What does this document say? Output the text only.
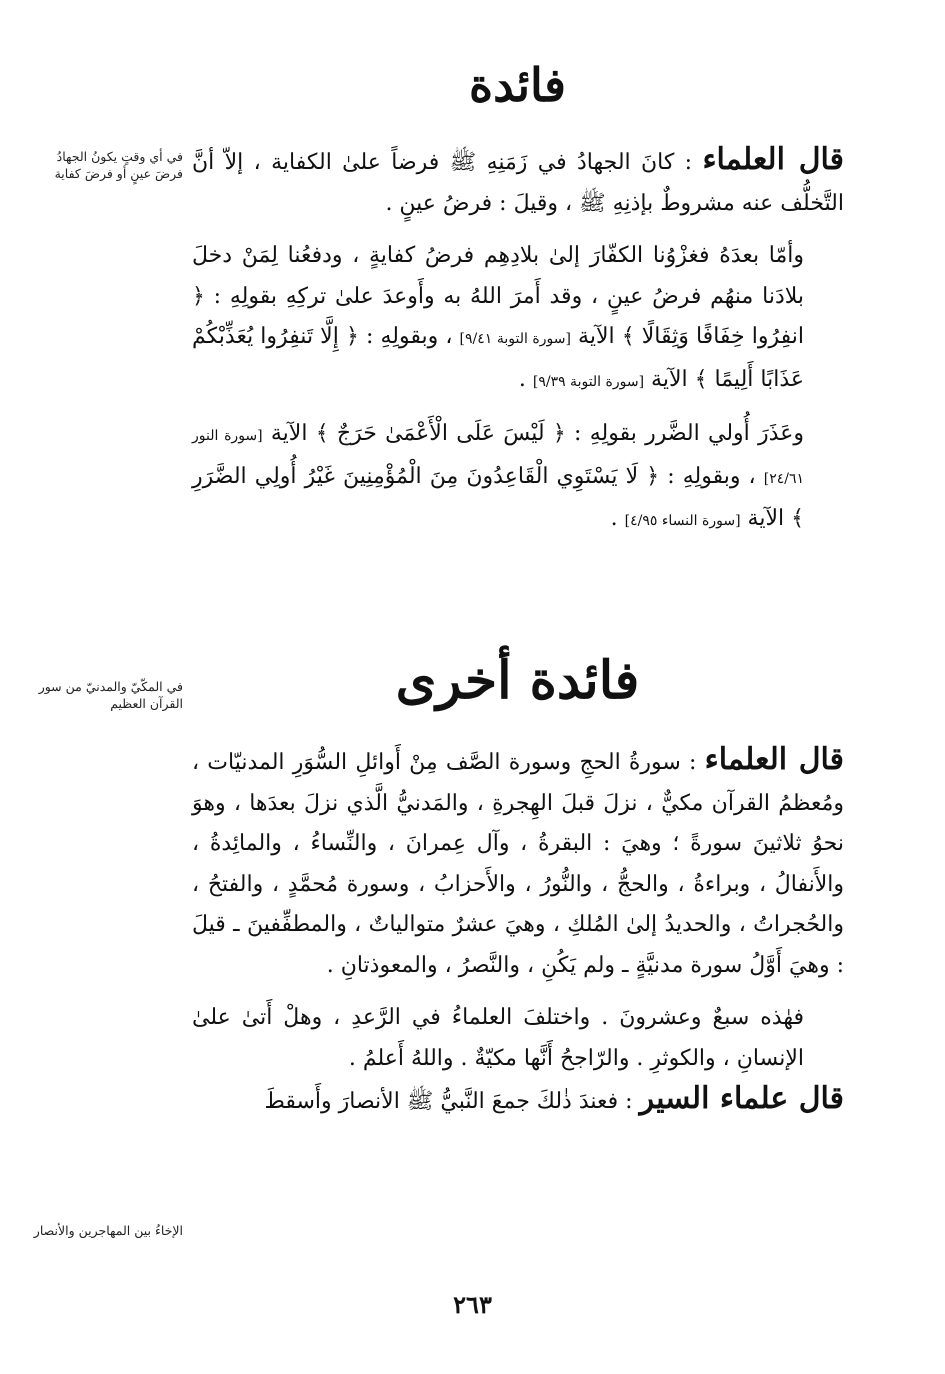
فائدة
في أي وقتٍ يكونُ الجهادُ فرضَ عينٍ أو فرضَ كفاية	قال العلماء : كانَ الجهادُ في زَمَنِهِ ﷺ فرضاً علىٰ الكفاية ، إلاّ أنَّ التَّخلُّف عنه مشروطٌ بإذنِهِ ﷺ ، وقيلَ : فرضُ عينٍ .

وأمّا بعدَهُ فغزْوُنا الكفّارَ إلىٰ بلادِهِم فرضُ كفايةٍ ، ودفعُنا لِمَنْ دخلَ بلادَنا منهُم فرضُ عينٍ ، وقد أَمرَ اللهُ به وأَوعدَ علىٰ تركِهِ بقولِهِ : ﴿ انفِرُوا خِفَافًا وَثِقَالًا ﴾ الآية [سورة التوبة ٩/٤١] ، وبقولِهِ : ﴿ إِلَّا تَنفِرُوا يُعَذِّبْكُمْ عَذَابًا أَلِيمًا ﴾ الآية [سورة التوبة ٩/٣٩] .

وعَذَرَ أُولي الضَّرر بقولِهِ : ﴿ لَيْسَ عَلَى الْأَعْمَىٰ حَرَجٌ ﴾ الآية [سورة النور ٢٤/٦١] ، وبقولِهِ : ﴿ لَا يَسْتَوِي الْقَاعِدُونَ مِنَ الْمُؤْمِنِينَ غَيْرُ أُولِي الضَّرَرِ ﴾ الآية [سورة النساء ٤/٩٥] .

في المكّيّ والمدنيّ من سور القرآن العظيم	فائدة أخرى

قال العلماء : سورةُ الحجِ وسورة الصَّف مِنْ أَوائلِ السُّوَرِ المدنيّات ، ومُعظمُ القرآن مكيٌّ ، نزلَ قبلَ الهِجرةِ ، والمَدنيُّ الَّذي نزلَ بعدَها ، وهوَ نحوُ ثلاثينَ سورةً ؛ وهيَ : البقرةُ ، وآل عِمرانَ ، والنِّساءُ ، والمائِدةُ ، والأَنفالُ ، وبراءةُ ، والحجُّ ، والنُّورُ ، والأَحزابُ ، وسورة مُحمَّدٍ ، والفتحُ ، والحُجراتُ ، والحديدُ إلىٰ المُلكِ ، وهيَ عشرٌ متوالياتٌ ، والمطفِّفينَ ـ قيلَ : وهيَ أَوَّلُ سورة مدنيَّةٍ ـ ولم يَكُنِ ، والنَّصرُ ، والمعوذتانِ .

فهٰذه سبعٌ وعشرونَ . واختلفَ العلماءُ في الرَّعدِ ، وهلْ أَتىٰ علىٰ الإنسانِ ، والكوثرِ . والرّاجحُ أَنَّها مكيّةٌ . واللهُ أَعلمُ .

قال علماء السير : فعندَ ذٰلكَ جمعَ النَّبيُّ ﷺ الأنصارَ وأَسقطَ

الإخاءُ بين المهاجرين والأنصار
٢٦٣
